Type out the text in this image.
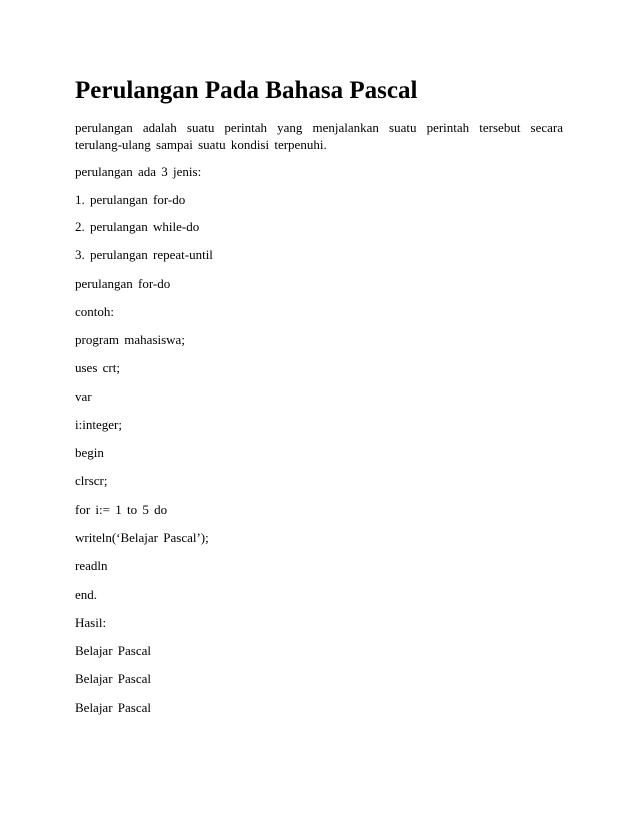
Perulangan Pada Bahasa Pascal

perulangan adalah suatu perintah yang menjalankan suatu perintah tersebut secara terulang-ulang sampai suatu kondisi terpenuhi.

perulangan ada 3 jenis:

1. perulangan for-do

2. perulangan while-do

3. perulangan repeat-until

perulangan for-do

contoh:

program mahasiswa;

uses crt;

var

i:integer;

begin

clrscr;

for i:= 1 to 5 do

writeln(‘Belajar Pascal’);

readln

end.

Hasil:

Belajar Pascal

Belajar Pascal

Belajar Pascal
